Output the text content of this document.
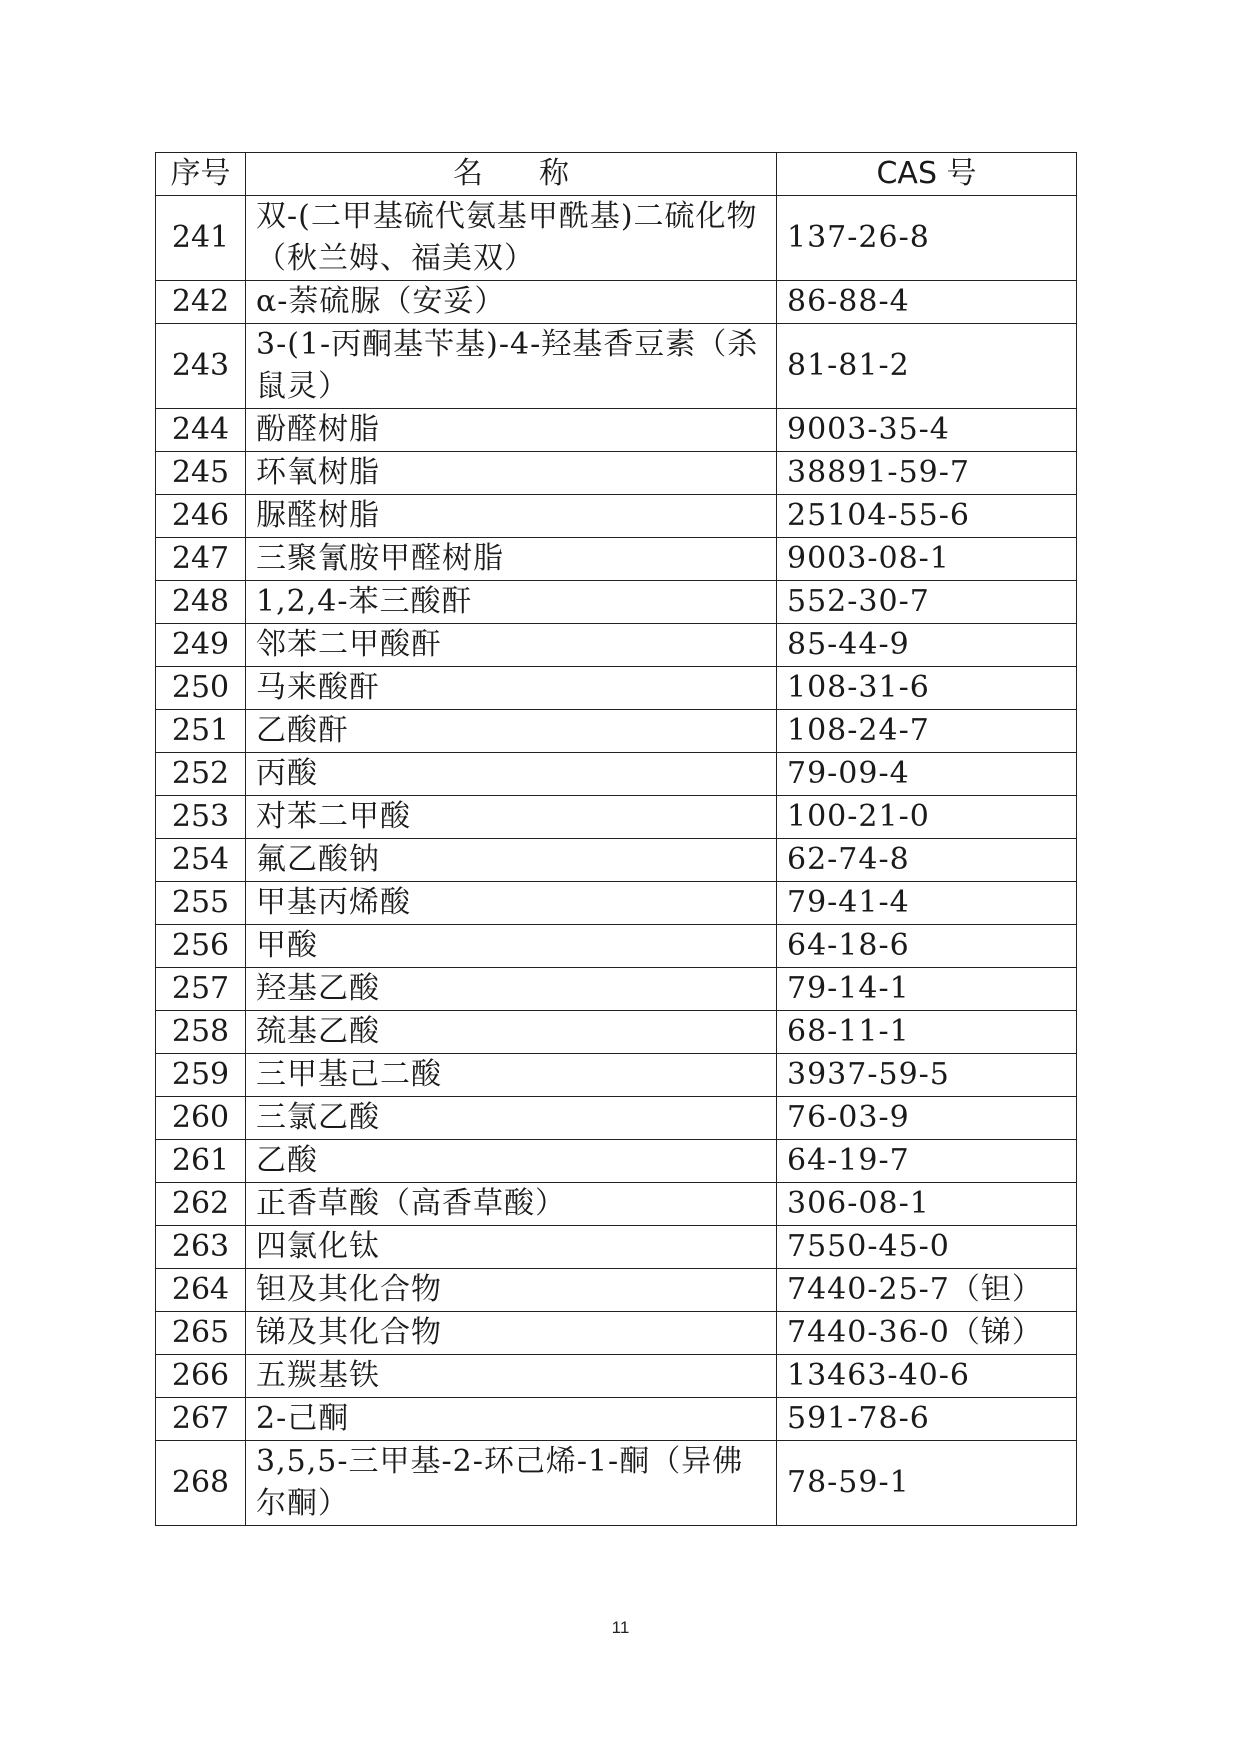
序号	名称	CAS 号
241	双-(二甲基硫代氨基甲酰基)二硫化物（秋兰姆、福美双）	137-26-8
242	α-萘硫脲（安妥）	86-88-4
243	3-(1-丙酮基苄基)-4-羟基香豆素（杀鼠灵）	81-81-2
244	酚醛树脂	9003-35-4
245	环氧树脂	38891-59-7
246	脲醛树脂	25104-55-6
247	三聚氰胺甲醛树脂	9003-08-1
248	1,2,4-苯三酸酐	552-30-7
249	邻苯二甲酸酐	85-44-9
250	马来酸酐	108-31-6
251	乙酸酐	108-24-7
252	丙酸	79-09-4
253	对苯二甲酸	100-21-0
254	氟乙酸钠	62-74-8
255	甲基丙烯酸	79-41-4
256	甲酸	64-18-6
257	羟基乙酸	79-14-1
258	巯基乙酸	68-11-1
259	三甲基己二酸	3937-59-5
260	三氯乙酸	76-03-9
261	乙酸	64-19-7
262	正香草酸（高香草酸）	306-08-1
263	四氯化钛	7550-45-0
264	钽及其化合物	7440-25-7（钽）
265	锑及其化合物	7440-36-0（锑）
266	五羰基铁	13463-40-6
267	2-己酮	591-78-6
268	3,5,5-三甲基-2-环己烯-1-酮（异佛尔酮）	78-59-1
11
